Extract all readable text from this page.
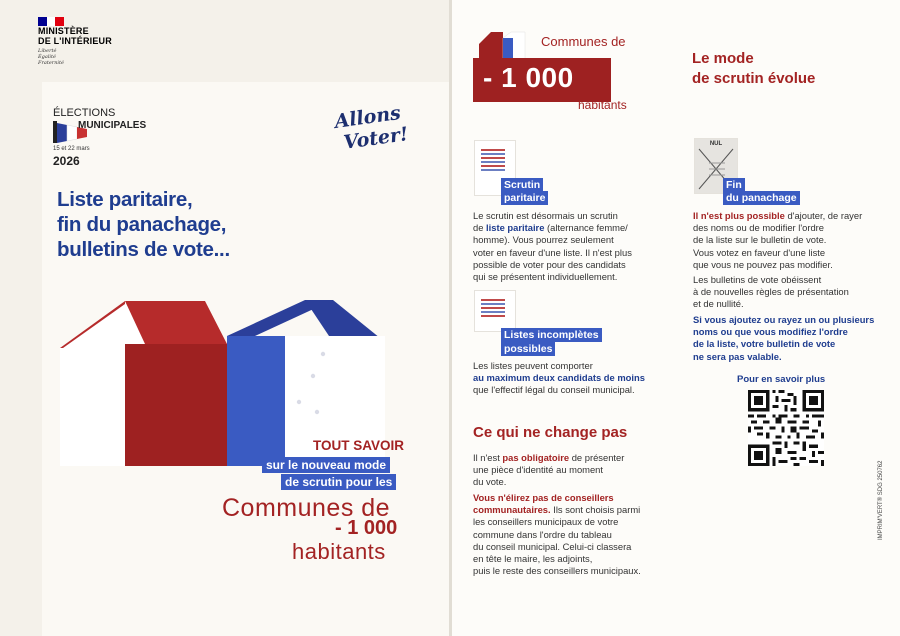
MINISTÈRE
DE L'INTÉRIEUR
Liberté
Égalité
Fraternité
ÉLECTIONS
MUNICIPALES
15 et 22 mars
2026
Allons
Voter!
Liste paritaire,
fin du panachage,
bulletins de vote...
TOUT SAVOIR
sur le nouveau mode
de scrutin pour les
Communes de
- 1 000
habitants
Communes de
- 1 000
habitants
Le mode
de scrutin évolue
Scrutin
paritaire
Le scrutin est désormais un scrutin
de liste paritaire (alternance femme/
homme). Vous pourrez seulement
voter en faveur d'une liste. Il n'est plus
possible de voter pour des candidats
qui se présentent individuellement.
Listes incomplètes
possibles
Les listes peuvent comporter
au maximum deux candidats de moins
que l'effectif légal du conseil municipal.
NUL
Fin
du panachage
Il n'est plus possible d'ajouter, de rayer
des noms ou de modifier l'ordre
de la liste sur le bulletin de vote.
Vous votez en faveur d'une liste
que vous ne pouvez pas modifier.
Les bulletins de vote obéissent
à de nouvelles règles de présentation
et de nullité.
Si vous ajoutez ou rayez un ou plusieurs
noms ou que vous modifiez l'ordre
de la liste, votre bulletin de vote
ne sera pas valable.
Pour en savoir plus
Ce qui ne change pas
Il n'est pas obligatoire de présenter
une pièce d'identité au moment
du vote.
Vous n'élirez pas de conseillers
communautaires. Ils sont choisis parmi
les conseillers municipaux de votre
commune dans l'ordre du tableau
du conseil municipal. Celui-ci classera
en tête le maire, les adjoints,
puis le reste des conseillers municipaux.
IMPRIM'VERT® SDG 250762
